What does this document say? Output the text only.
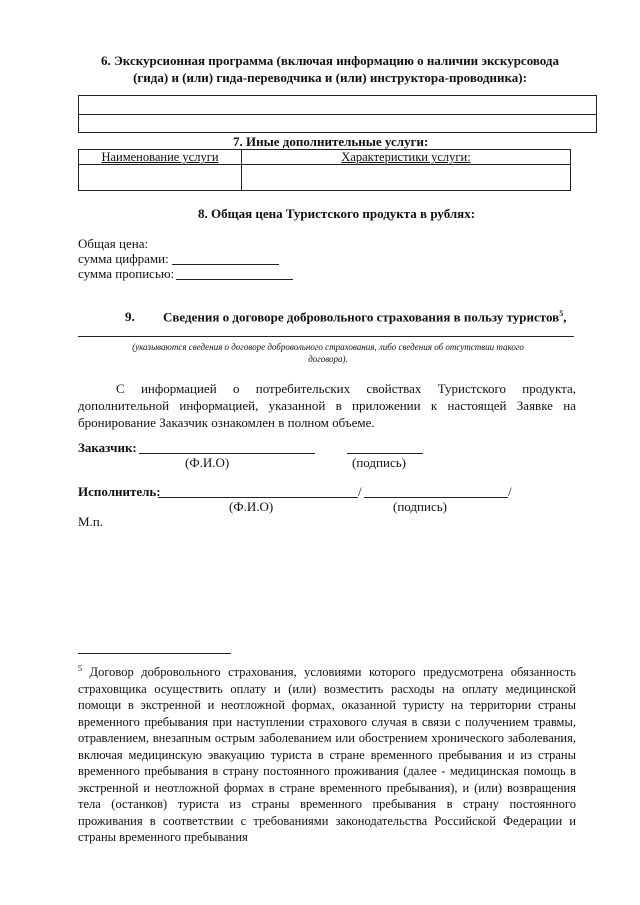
6. Экскурсионная программа (включая информацию о наличии экскурсовода
(гида) и (или) гида-переводчика и (или) инструктора-проводника):
7. Иные дополнительные услуги:
Наименование услуги	Характеристики услуги:

8. Общая цена Туристского продукта в рублях:
Общая цена:
сумма цифрами:
сумма прописью:
9. Сведения о договоре добровольного страхования в пользу туристов$^5$,
(указываются сведения о договоре добровольного страхования, либо сведения об отсутствии такого
договора).
С информацией о потребительских свойствах Туристского продукта, дополнительной информацией, указанной в приложении к настоящей Заявке на бронирование Заказчик ознакомлен в полном объеме.
Заказчик:
(Ф.И.О)	(подпись)
Исполнитель:	/	/
(Ф.И.О)	(подпись)
М.п.
$^5$ Договор добровольного страхования, условиями которого предусмотрена обязанность страховщика осуществить оплату и (или) возместить расходы на оплату медицинской помощи в экстренной и неотложной формах, оказанной туристу на территории страны временного пребывания при наступлении страхового случая в связи с получением травмы, отравлением, внезапным острым заболеванием или обострением хронического заболевания, включая медицинскую эвакуацию туриста в стране временного пребывания и из страны временного пребывания в страну постоянного проживания (далее - медицинская помощь в экстренной и неотложной формах в стране временного пребывания), и (или) возвращения тела (останков) туриста из страны временного пребывания в страну постоянного проживания в соответствии с требованиями законодательства Российской Федерации и страны временного пребывания
